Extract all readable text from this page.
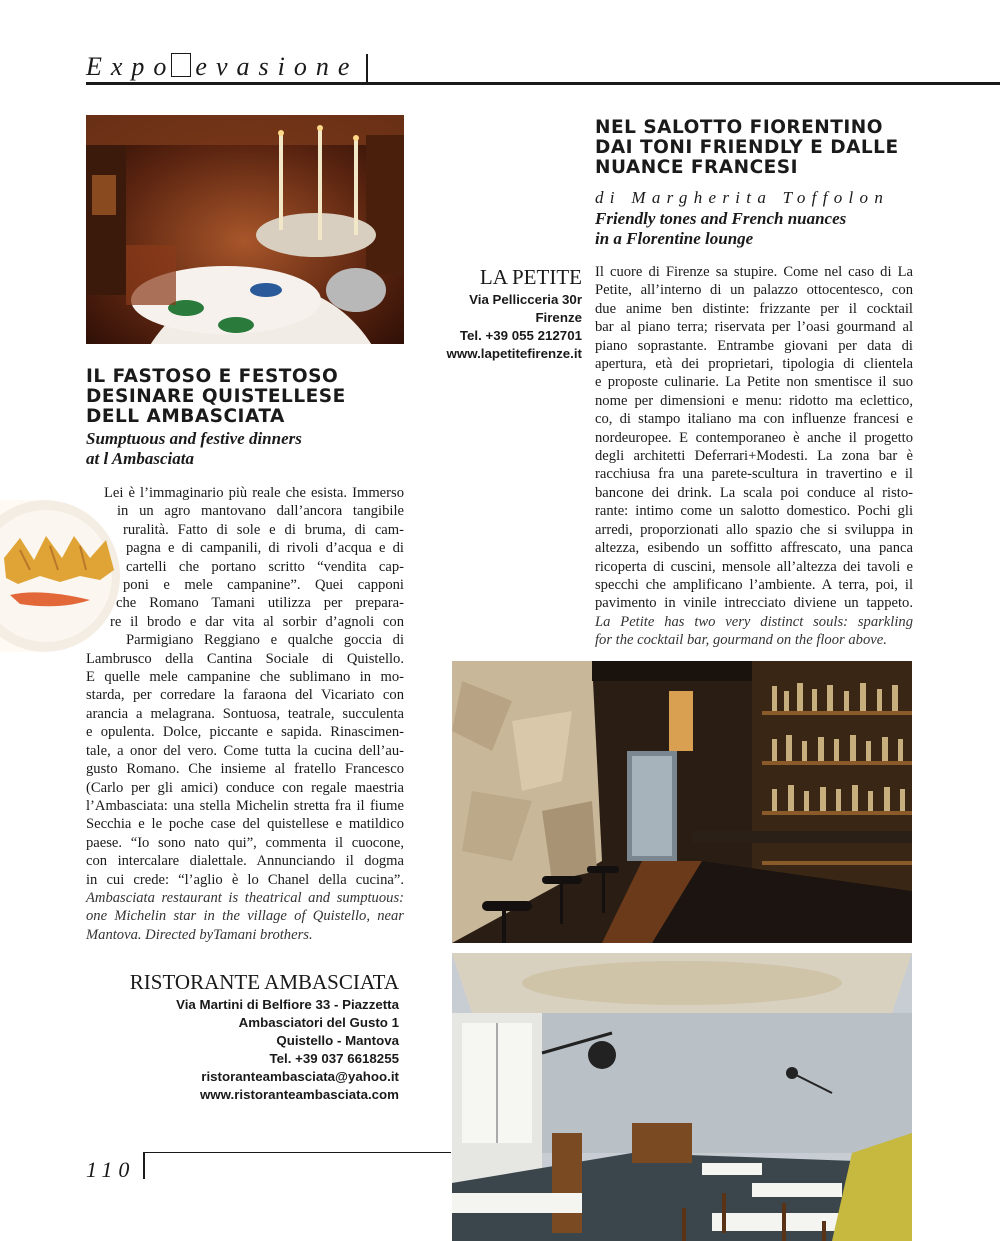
Expo  evasione
IL FASTOSO E FESTOSO
DESINARE QUISTELLESE
DELL AMBASCIATA
Sumptuous and festive dinners
at l Ambasciata
Lei è l’immaginario più reale che esista. Immerso
in un agro mantovano dall’ancora tangibile
ruralità. Fatto di sole e di bruma, di cam-
pagna e di campanili, di rivoli d’acqua e di
cartelli che portano scritto “vendita cap-
poni e mele campanine”. Quei capponi
che Romano Tamani utilizza per prepara-
re il brodo e dar vita al sorbir d’agnoli con
Parmigiano Reggiano e qualche goccia di
Lambrusco della Cantina Sociale di Quistello.
E quelle mele campanine che sublimano in mo-
starda, per corredare la faraona del Vicariato con
arancia a melagrana. Sontuosa, teatrale, succulenta
e opulenta. Dolce, piccante e sapida. Rinascimen-
tale, a onor del vero. Come tutta la cucina dell’au-
gusto Romano. Che insieme al fratello Francesco
(Carlo per gli amici) conduce con regale maestria
l’Ambasciata: una stella Michelin stretta fra il fiume
Secchia e le poche case del quistellese e matildico
paese. “Io sono nato qui”, commenta il cuocone,
con intercalare dialettale. Annunciando il dogma
in cui crede: “l’aglio è lo Chanel della cucina”.
Ambasciata restaurant is theatrical and sumptuous:
one Michelin star in the village of Quistello, near
Mantova. Directed byTamani brothers.
RISTORANTE AMBASCIATA
Via Martini di Belfiore 33 - Piazzetta
Ambasciatori del Gusto 1
Quistello - Mantova
Tel. +39 037 6618255
ristoranteambasciata@yahoo.it
www.ristoranteambasciata.com
110
NEL SALOTTO FIORENTINO
DAI TONI FRIENDLY E DALLE
NUANCE FRANCESI
di Margherita Toffolon
Friendly tones and French nuances
in a Florentine lounge
LA PETITE
Via Pellicceria 30r
Firenze
Tel. +39 055 212701
www.lapetitefirenze.it
Il cuore di Firenze sa stupire. Come nel caso di La
Petite, all’interno di un palazzo ottocentesco, con
due anime ben distinte: frizzante per il cocktail
bar al piano terra; riservata per l’oasi gourmand al
piano soprastante. Entrambe giovani per data di
apertura, età dei proprietari, tipologia di clientela
e proposte culinarie. La Petite non smentisce il suo
nome per dimensioni e menu: ridotto ma eclettico,
co, di stampo italiano ma con influenze francesi e
nordeuropee. E contemporaneo è anche il progetto
degli architetti Deferrari+Modesti. La zona bar è
racchiusa fra una parete-scultura in travertino e il
bancone dei drink. La scala poi conduce al risto-
rante: intimo come un salotto domestico. Pochi gli
arredi, proporzionati allo spazio che si sviluppa in
altezza, esibendo un soffitto affrescato, una panca
ricoperta di cuscini, mensole all’altezza dei tavoli e
specchi che amplificano l’ambiente. A terra, poi, il
pavimento in vinile intrecciato diviene un tappeto.
La Petite has two very distinct souls: sparkling
for the cocktail bar, gourmand on the floor above.
